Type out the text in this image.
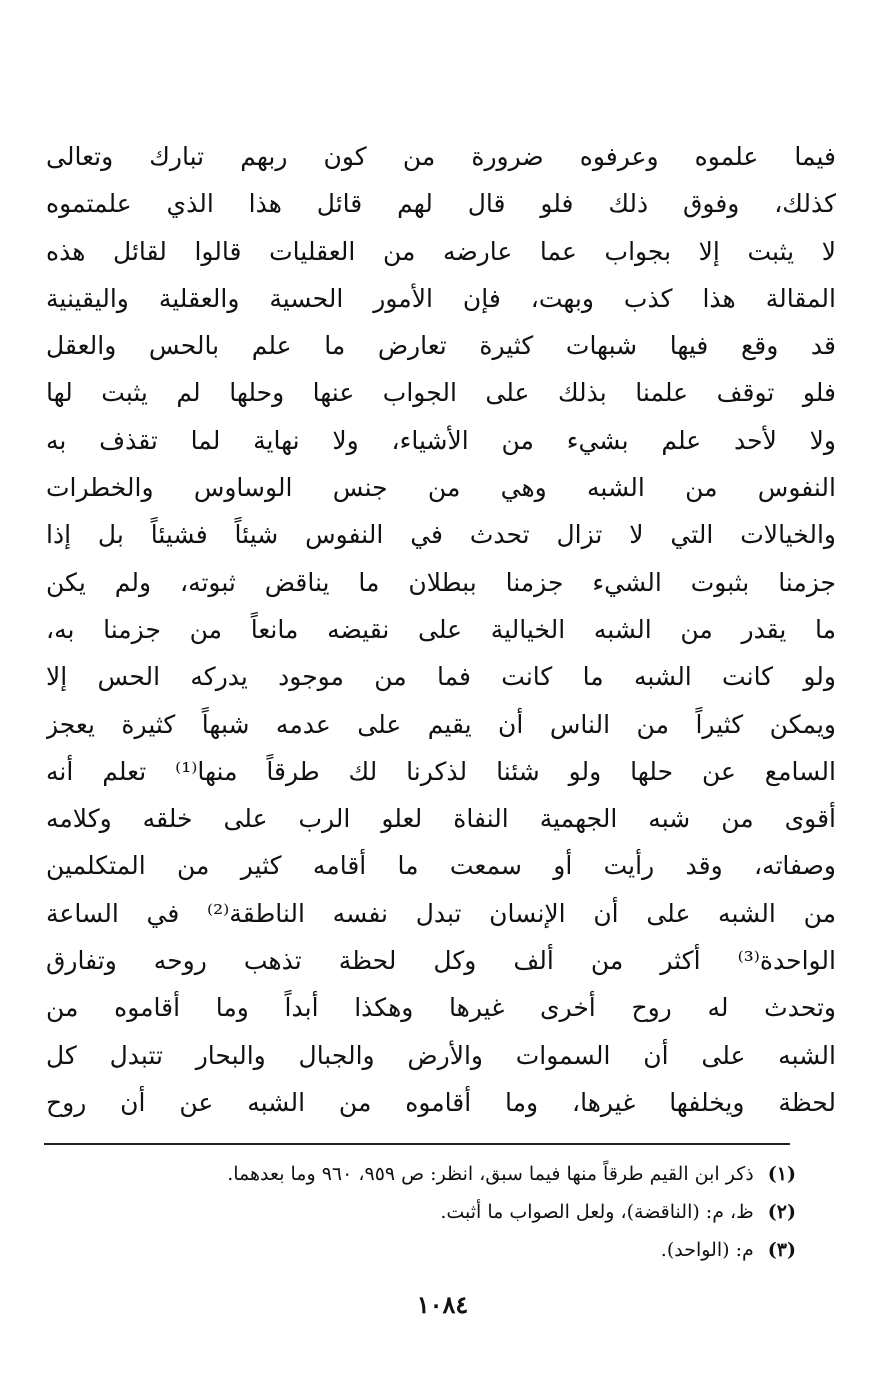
فيما علموه وعرفوه ضرورة من كون ربهم تبارك وتعالى
كذلك، وفوق ذلك فلو قال لهم قائل هذا الذي علمتموه
لا يثبت إلا بجواب عما عارضه من العقليات قالوا لقائل هذه
المقالة هذا كذب وبهت، فإن الأمور الحسية والعقلية واليقينية
قد وقع فيها شبهات كثيرة تعارض ما علم بالحس والعقل
فلو توقف علمنا بذلك على الجواب عنها وحلها لم يثبت لها
ولا لأحد علم بشيء من الأشياء، ولا نهاية لما تقذف به
النفوس من الشبه وهي من جنس الوساوس والخطرات
والخيالات التي لا تزال تحدث في النفوس شيئاً فشيئاً بل إذا
جزمنا بثبوت الشيء جزمنا ببطلان ما يناقض ثبوته، ولم يكن
ما يقدر من الشبه الخيالية على نقيضه مانعاً من جزمنا به،
ولو كانت الشبه ما كانت فما من موجود يدركه الحس إلا
ويمكن كثيراً من الناس أن يقيم على عدمه شبهاً كثيرة يعجز
السامع عن حلها ولو شئنا لذكرنا لك طرقاً منها⁽¹⁾ تعلم أنه
أقوى من شبه الجهمية النفاة لعلو الرب على خلقه وكلامه
وصفاته، وقد رأيت أو سمعت ما أقامه كثير من المتكلمين
من الشبه على أن الإنسان تبدل نفسه الناطقة⁽²⁾ في الساعة
الواحدة⁽³⁾ أكثر من ألف وكل لحظة تذهب روحه وتفارق
وتحدث له روح أخرى غيرها وهكذا أبداً وما أقاموه من
الشبه على أن السموات والأرض والجبال والبحار تتبدل كل
لحظة ويخلفها غيرها، وما أقاموه من الشبه عن أن روح
(١) ذكر ابن القيم طرقاً منها فيما سبق، انظر: ص ٩٥٩، ٩٦٠ وما بعدهما.
(٢) ظ، م: (الناقضة)، ولعل الصواب ما أثبت.
(٣) م: (الواحد).
١٠٨٤
